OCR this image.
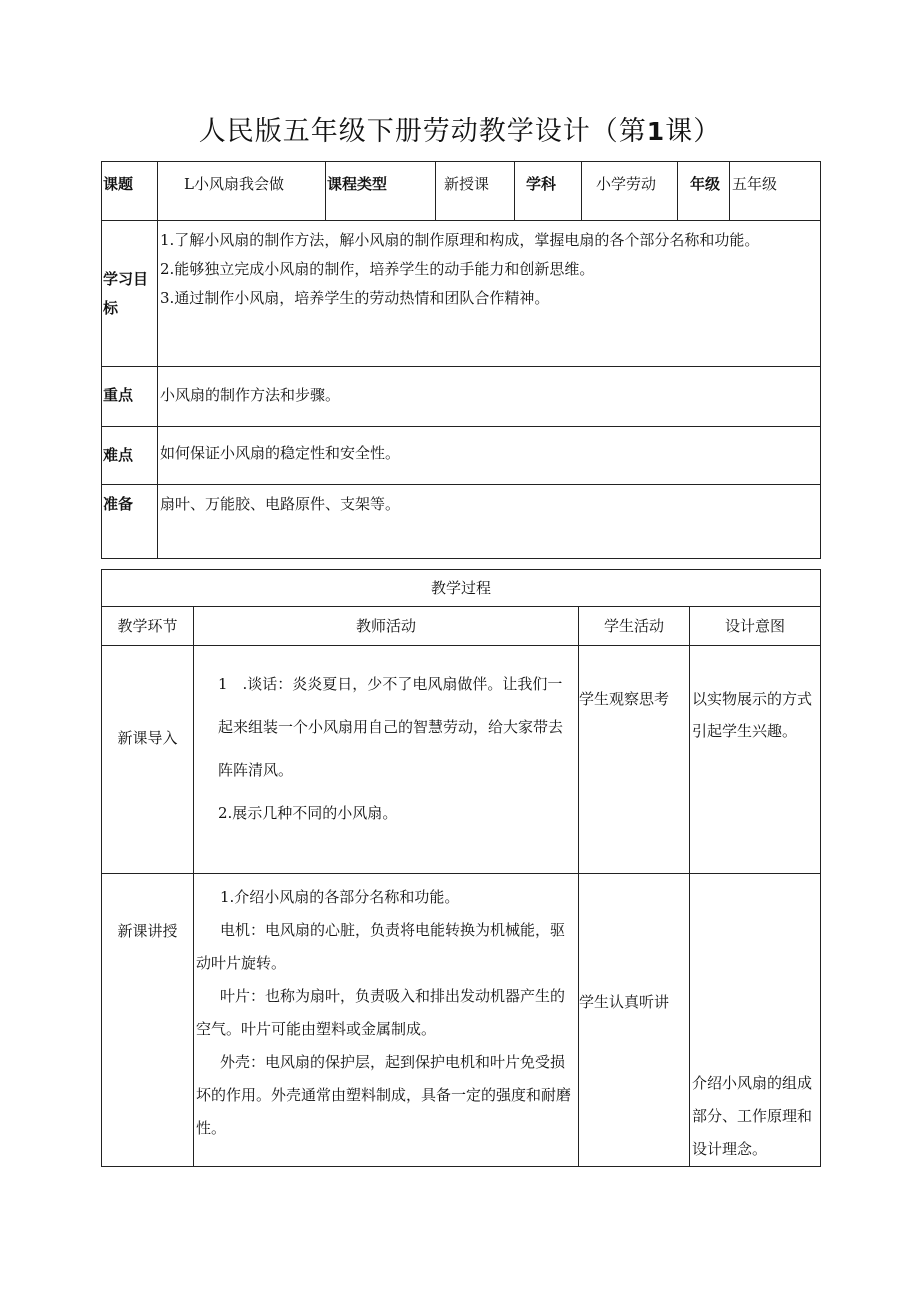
人民版五年级下册劳动教学设计（第1课）
课题	L小风扇我会做	课程类型	新授课	学科	小学劳动	年级	五年级
学习目标	1.了解小风扇的制作方法，解小风扇的制作原理和构成，掌握电扇的各个部分名称和功能。
2.能够独立完成小风扇的制作，培养学生的动手能力和创新思维。
3.通过制作小风扇，培养学生的劳动热情和团队合作精神。						

重点	小风扇的制作方法和步骤。						
难点	如何保证小风扇的稳定性和安全性。						
准备	扇叶、万能胶、电路原件、支架等。						
教学过程			
教学环节	教师活动	学生活动	设计意图
新课导入	1　.谈话：炎炎夏日，少不了电风扇做伴。让我们一起来组装一个小风扇用自己的智慧劳动，给大家带去阵阵清风。

2.展示几种不同的小风扇。	学生观察思考	以实物展示的方式引起学生兴趣。
新课讲授	1.介绍小风扇的各部分名称和功能。

电机：电风扇的心脏，负责将电能转换为机械能，驱动叶片旋转。

叶片：也称为扇叶，负责吸入和排出发动机器产生的空气。叶片可能由塑料或金属制成。

外壳：电风扇的保护层，起到保护电机和叶片免受损坏的作用。外壳通常由塑料制成，具备一定的强度和耐磨性。	学生认真听讲	介绍小风扇的组成部分、工作原理和设计理念。
